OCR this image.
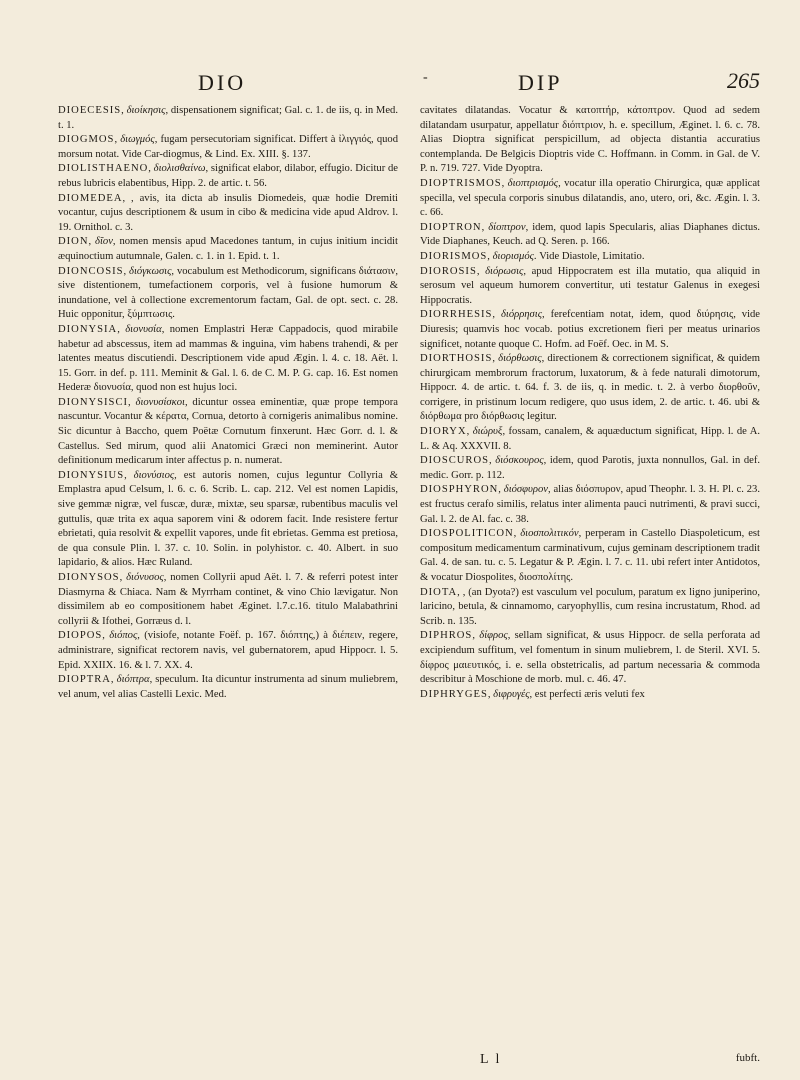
DIO	-	DIP	265

DIOECESIS, διοίκησις, dispensationem significat; Gal. c. 1. de iis, q. in Med. t. 1.

DIOGMOS, διωγμός, fugam persecutoriam significat. Differt à ἰλιγγιός, quod morsum notat. Vide Car-diogmus, & Lind. Ex. XIII. §. 137.

DIOLISTHAENO, διολισθαίνω, significat elabor, dilabor, effugio. Dicitur de rebus lubricis elabentibus, Hipp. 2. de artic. t. 56.

DIOMEDEA, , avis, ita dicta ab insulis Diomedeis, quæ hodie Dremiti vocantur, cujus descriptionem & usum in cibo & medicina vide apud Aldrov. l. 19. Ornithol. c. 3.

DION, δῖον, nomen mensis apud Macedones tantum, in cujus initium incidit æquinoctium autumnale, Galen. c. 1. in 1. Epid. t. 1.

DIONCOSIS, διόγκωσις, vocabulum est Methodicorum, significans διάτασιν, sive distentionem, tumefactionem corporis, vel à fusione humorum & inundatione, vel à collectione excrementorum factam, Gal. de opt. sect. c. 28. Huic opponitur, ξύμπτωσις.

DIONYSIA, διονυσία, nomen Emplastri Heræ Cappadocis, quod mirabile habetur ad abscessus, item ad mammas & inguina, vim habens trahendi, & per latentes meatus discutiendi. Descriptionem vide apud Ægin. l. 4. c. 18. Aët. l. 15. Gorr. in def. p. 111. Meminit & Gal. l. 6. de C. M. P. G. cap. 16. Est nomen Hederæ διονυσία, quod non est hujus loci.

DIONYSISCI, διονυσίσκοι, dicuntur ossea eminentiæ, quæ prope tempora nascuntur. Vocantur & κέρατα, Cornua, detorto à cornigeris animalibus nomine. Sic dicuntur à Baccho, quem Poëtæ Cornutum finxerunt. Hæc Gorr. d. l. & Castellus. Sed mirum, quod alii Anatomici Græci non meminerint. Autor definitionum medicarum inter affectus p. n. numerat.

DIONYSIUS, διονύσιος, est autoris nomen, cujus leguntur Collyria & Emplastra apud Celsum, l. 6. c. 6. Scrib. L. cap. 212. Vel est nomen Lapidis, sive gemmæ nigræ, vel fuscæ, duræ, mixtæ, seu sparsæ, rubentibus maculis vel guttulis, quæ trita ex aqua saporem vini & odorem facit. Inde resistere fertur ebrietati, quia resolvit & expellit vapores, unde fit ebrietas. Gemma est pretiosa, de qua consule Plin. l. 37. c. 10. Solin. in polyhistor. c. 40. Albert. in suo lapidario, & alios. Hæc Ruland.

DIONYSOS, διόνυσος, nomen Collyrii apud Aët. l. 7. & referri potest inter Diasmyrna & Chiaca. Nam & Myrrham continet, & vino Chio lævigatur. Non dissimilem ab eo compositionem habet Æginet. l.7.c.16. titulo Malabathrini collyrii & Ifothei, Gorræus d. l.

DIOPOS, διόπος, (visiofe, notante Foëf. p. 167. διόπτης,) à διέπειν, regere, administrare, significat rectorem navis, vel gubernatorem, apud Hippocr. l. 5. Epid. XXIIX. 16. & l. 7. XX. 4.

DIOPTRA, διόπτρα, speculum. Ita dicuntur instrumenta ad sinum muliebrem, vel anum, vel alias Castelli Lexic. Med.

cavitates dilatandas. Vocatur & κατοπτήρ, κάτοπτρον. Quod ad sedem dilatandam usurpatur, appellatur διόπτριον, h. e. specillum, Æginet. l. 6. c. 78. Alias Dioptra significat perspicillum, ad objecta distantia accuratius contemplanda. De Belgicis Dioptris vide C. Hoffmann. in Comm. in Gal. de V. P. n. 719. 727. Vide Dyoptra.

DIOPTRISMOS, διοπτρισμός, vocatur illa operatio Chirurgica, quæ applicat specilla, vel specula corporis sinubus dilatandis, ano, utero, ori, &c. Ægin. l. 3. c. 66.

DIOPTRON, δίοπτρον, idem, quod lapis Specularis, alias Diaphanes dictus. Vide Diaphanes, Keuch. ad Q. Seren. p. 166.

DIORISMOS, διορισμός. Vide Diastole, Limitatio.

DIOROSIS, διόρωσις, apud Hippocratem est illa mutatio, qua aliquid in serosum vel aqueum humorem convertitur, uti testatur Galenus in exegesi Hippocratis.

DIORRHESIS, διόρρησις, ferefcentiam notat, idem, quod διύρησις, vide Diuresis; quamvis hoc vocab. potius excretionem fieri per meatus urinarios significet, notante quoque C. Hofm. ad Foëf. Oec. in M. S.

DIORTHOSIS, διόρθωσις, directionem & correctionem significat, & quidem chirurgicam membrorum fractorum, luxatorum, & à fede naturali dimotorum, Hippocr. 4. de artic. t. 64. f. 3. de iis, q. in medic. t. 2. à verbo διορθοῦν, corrigere, in pristinum locum redigere, quo usus idem, 2. de artic. t. 46. ubi & διόρθωμα pro διόρθωσις legitur.

DIORYX, διώρυξ, fossam, canalem, & aquæductum significat, Hipp. l. de A. L. & Aq. XXXVII. 8.

DIOSCUROS, διόσκουρος, idem, quod Parotis, juxta nonnullos, Gal. in def. medic. Gorr. p. 112.

DIOSPHYRON, διόσφυρον, alias διόσπυρον, apud Theophr. l. 3. H. Pl. c. 23. est fructus cerafo similis, relatus inter alimenta pauci nutrimenti, & pravi succi, Gal. l. 2. de Al. fac. c. 38.

DIOSPOLITICON, διοσπολιτικόν, perperam in Castello Diaspoleticum, est compositum medicamentum carminativum, cujus geminam descriptionem tradit Gal. 4. de san. tu. c. 5. Legatur & P. Ægin. l. 7. c. 11. ubi refert inter Antidotos, & vocatur Diospolites, διοσπολίτης.

DIOTA, , (an Dyota?) est vasculum vel poculum, paratum ex ligno juniperino, laricino, betula, & cinnamomo, caryophyllis, cum resina incrustatum, Rhod. ad Scrib. n. 135.

DIPHROS, δίφρος, sellam significat, & usus Hippocr. de sella perforata ad excipiendum suffitum, vel fomentum in sinum muliebrem, l. de Steril. XVI. 5. δίφρος μαιευτικός, i. e. sella obstetricalis, ad partum necessaria & commoda describitur à Moschione de morb. mul. c. 46. 47.

DIPHRYGES, διφρυγές, est perfecti æris veluti fex

L l	fubft.
